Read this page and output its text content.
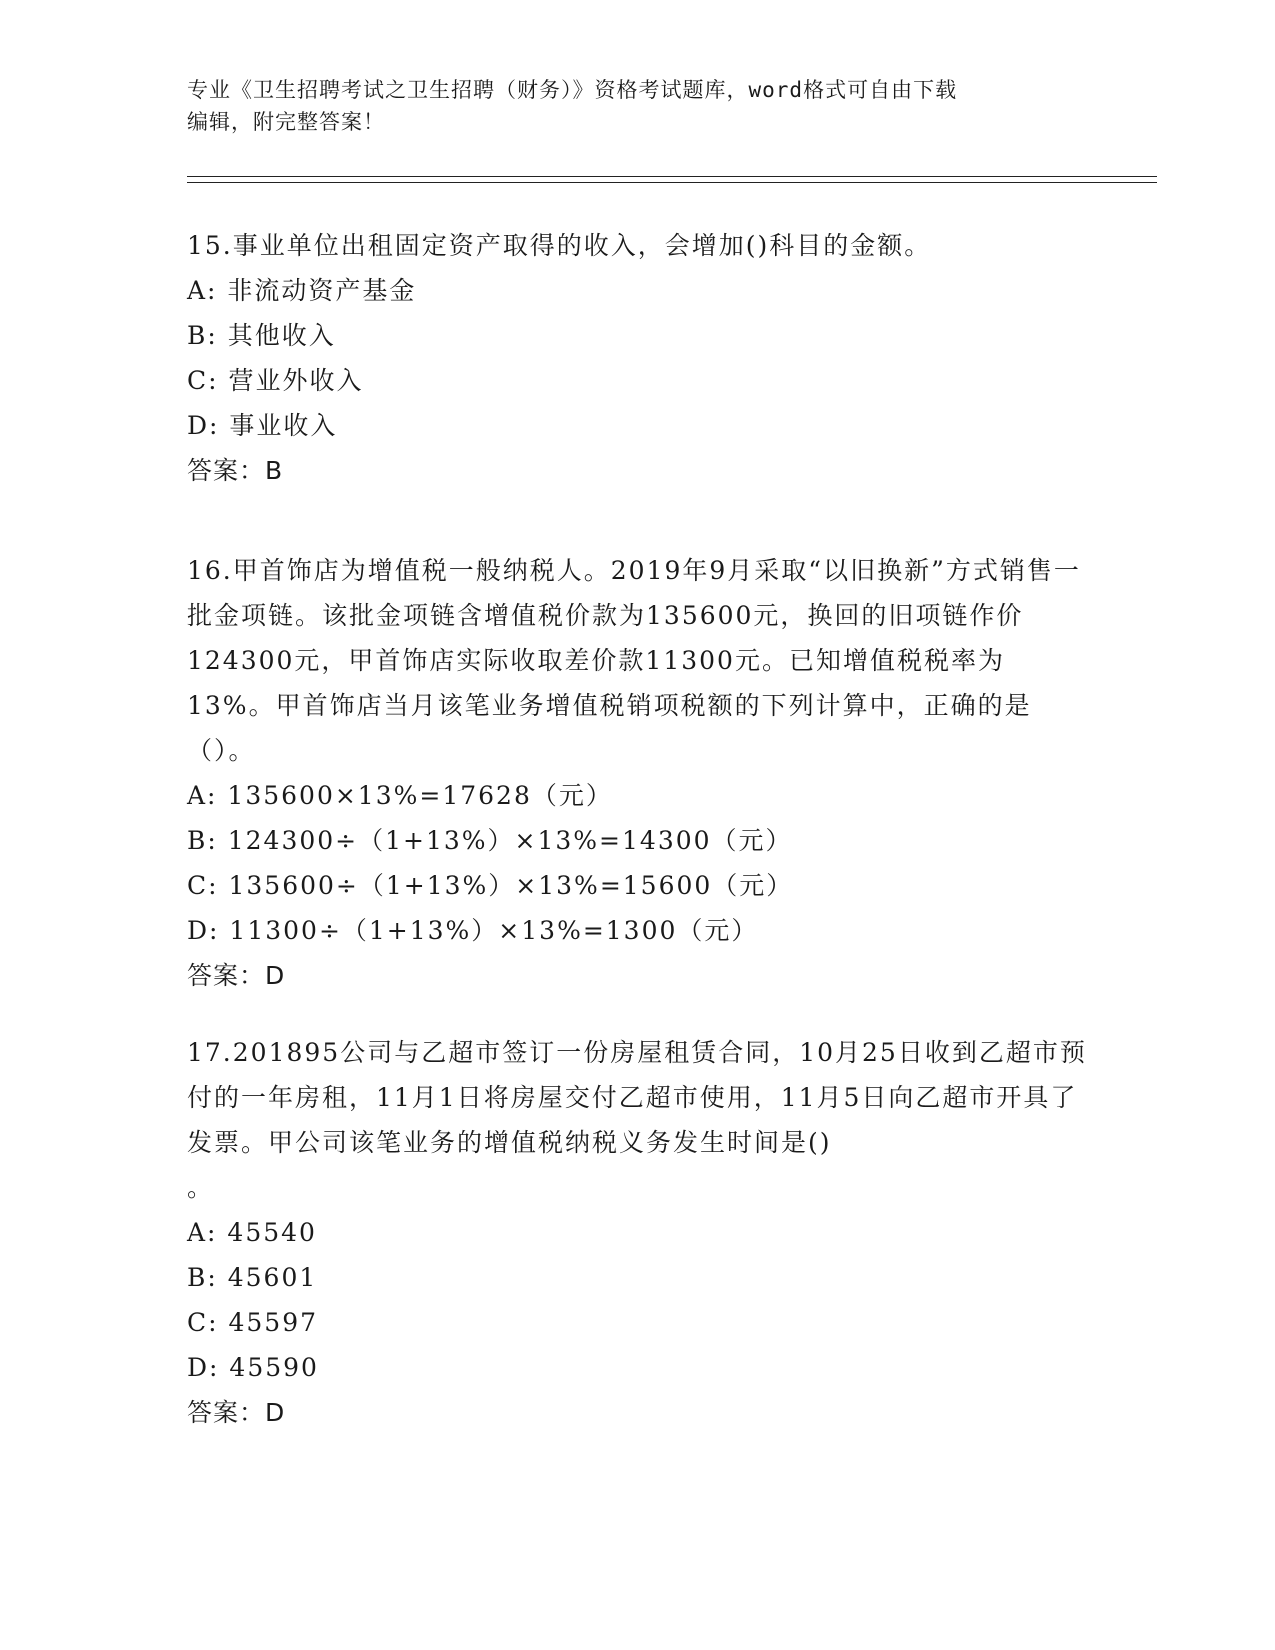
专业《卫生招聘考试之卫生招聘（财务）》资格考试题库，word格式可自由下载
编辑，附完整答案！
15.事业单位出租固定资产取得的收入，会增加()科目的金额。
A: 非流动资产基金
B: 其他收入
C: 营业外收入
D: 事业收入
答案：B
16.甲首饰店为增值税一般纳税人。2019年9月采取“以旧换新”方式销售一批金项链。该批金项链含增值税价款为135600元，换回的旧项链作价124300元，甲首饰店实际收取差价款11300元。已知增值税税率为13%。甲首饰店当月该笔业务增值税销项税额的下列计算中，正确的是（）。
A: 135600×13%=17628（元）
B: 124300÷（1+13%）×13%=14300（元）
C: 135600÷（1+13%）×13%=15600（元）
D: 11300÷（1+13%）×13%=1300（元）
答案：D
17.201895公司与乙超市签订一份房屋租赁合同，10月25日收到乙超市预付的一年房租，11月1日将房屋交付乙超市使用，11月5日向乙超市开具了发票。甲公司该笔业务的增值税纳税义务发生时间是()
。
A: 45540
B: 45601
C: 45597
D: 45590
答案：D
